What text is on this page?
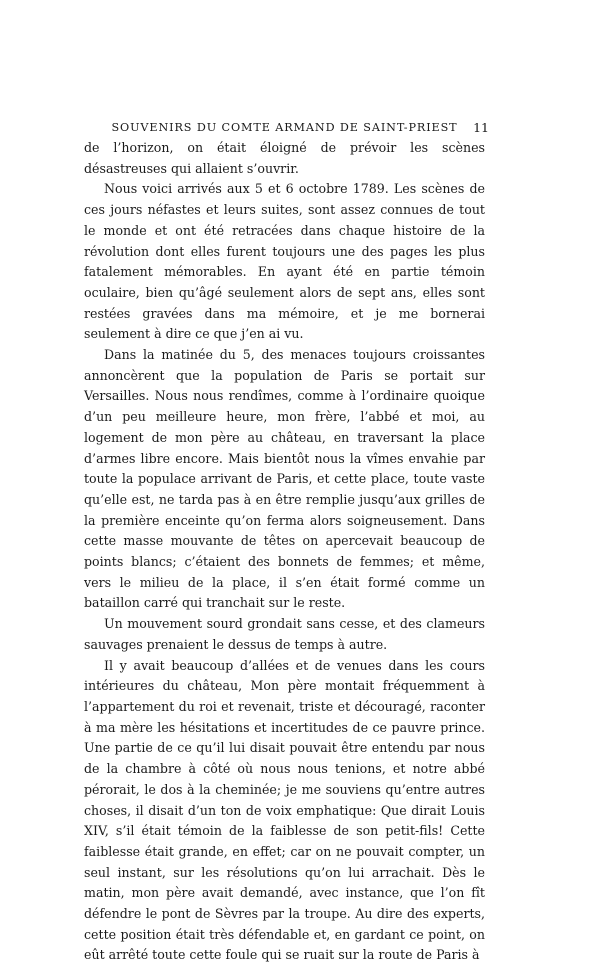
SOUVENIRS DU COMTE ARMAND DE SAINT-PRIEST 11

de l’horizon, on était éloigné de prévoir les scènes désastreuses qui allaient s’ouvrir.

Nous voici arrivés aux 5 et 6 octobre 1789. Les scènes de ces jours néfastes et leurs suites, sont assez connues de tout le monde et ont été retracées dans chaque histoire de la révolution dont elles furent toujours une des pages les plus fatalement mémorables. En ayant été en partie témoin oculaire, bien qu’âgé seulement alors de sept ans, elles sont restées gravées dans ma mémoire, et je me bornerai seulement à dire ce que j’en ai vu.

Dans la matinée du 5, des menaces toujours croissantes annoncèrent que la population de Paris se portait sur Versailles. Nous nous rendîmes, comme à l’ordinaire quoique d’un peu meilleure heure, mon frère, l’abbé et moi, au logement de mon père au château, en traversant la place d’armes libre encore. Mais bientôt nous la vîmes envahie par toute la populace arrivant de Paris, et cette place, toute vaste qu’elle est, ne tarda pas à en être remplie jusqu’aux grilles de la première enceinte qu’on ferma alors soigneusement. Dans cette masse mouvante de têtes on apercevait beaucoup de points blancs; c’étaient des bonnets de femmes; et même, vers le milieu de la place, il s’en était formé comme un bataillon carré qui tranchait sur le reste.

Un mouvement sourd grondait sans cesse, et des clameurs sauvages prenaient le dessus de temps à autre.

Il y avait beaucoup d’allées et de venues dans les cours intérieures du château, Mon père montait fréquemment à l’appartement du roi et revenait, triste et découragé, raconter à ma mère les hésitations et incertitudes de ce pauvre prince. Une partie de ce qu’il lui disait pouvait être entendu par nous de la chambre à côté où nous nous tenions, et notre abbé pérorait, le dos à la cheminée; je me souviens qu’entre autres choses, il disait d’un ton de voix emphatique: Que dirait Louis XIV, s’il était témoin de la faiblesse de son petit-fils! Cette faiblesse était grande, en effet; car on ne pouvait compter, un seul instant, sur les résolutions qu’on lui arrachait. Dès le matin, mon père avait demandé, avec instance, que l’on fît défendre le pont de Sèvres par la troupe. Au dire des experts, cette position était très défendable et, en gardant ce point, on eût arrêté toute cette foule qui se ruait sur la route de Paris à
